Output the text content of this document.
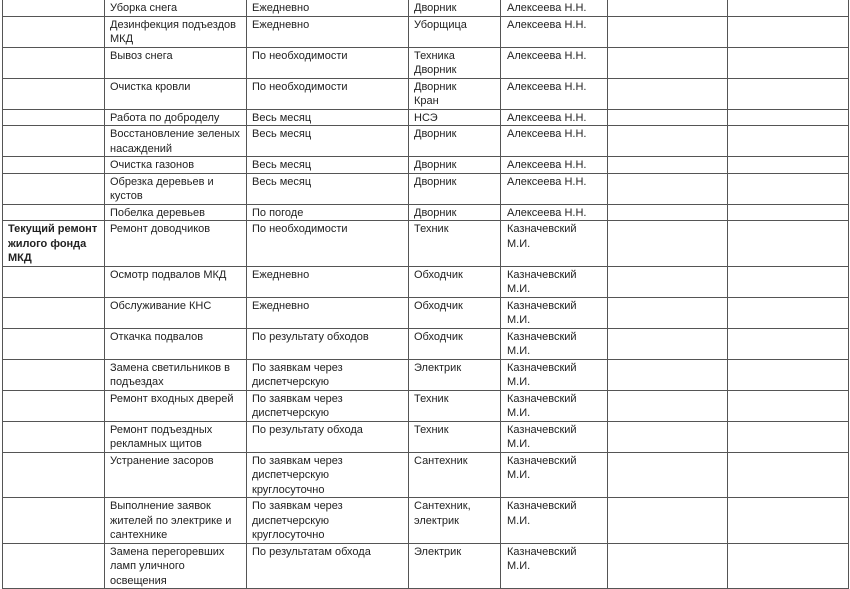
	Уборка снега	Ежедневно	Дворник	Алексеева Н.Н.		
	Дезинфекция подъездов
МКД	Ежедневно	Уборщица	Алексеева Н.Н.		
	Вывоз снега	По необходимости	Техника
Дворник	Алексеева Н.Н.		
	Очистка кровли	По необходимости	Дворник
Кран	Алексеева Н.Н.		
	Работа по доброделу	Весь месяц	НСЭ	Алексеева Н.Н.		
	Восстановление зеленых
насаждений	Весь месяц	Дворник	Алексеева Н.Н.		
	Очистка газонов	Весь месяц	Дворник	Алексеева Н.Н.		
	Обрезка деревьев и
кустов	Весь месяц	Дворник	Алексеева Н.Н.		
	Побелка деревьев	По погоде	Дворник	Алексеева Н.Н.		
Текущий ремонт
жилого фонда
МКД	Ремонт доводчиков	По необходимости	Техник	Казначевский
М.И.		
	Осмотр подвалов МКД	Ежедневно	Обходчик	Казначевский
М.И.		
	Обслуживание КНС	Ежедневно	Обходчик	Казначевский
М.И.		
	Откачка подвалов	По результату обходов	Обходчик	Казначевский
М.И.		
	Замена светильников в
подъездах	По заявкам через
диспетчерскую	Электрик	Казначевский
М.И.		
	Ремонт входных дверей	По заявкам через
диспетчерскую	Техник	Казначевский
М.И.		
	Ремонт подъездных
рекламных щитов	По результату обхода	Техник	Казначевский
М.И.		
	Устранение засоров	По заявкам через
диспетчерскую
круглосуточно	Сантехник	Казначевский
М.И.		
	Выполнение заявок
жителей по электрике и
сантехнике	По заявкам через
диспетчерскую
круглосуточно	Сантехник,
электрик	Казначевский
М.И.		
	Замена перегоревших
ламп уличного
освещения	По результатам обхода	Электрик	Казначевский
М.И.		
